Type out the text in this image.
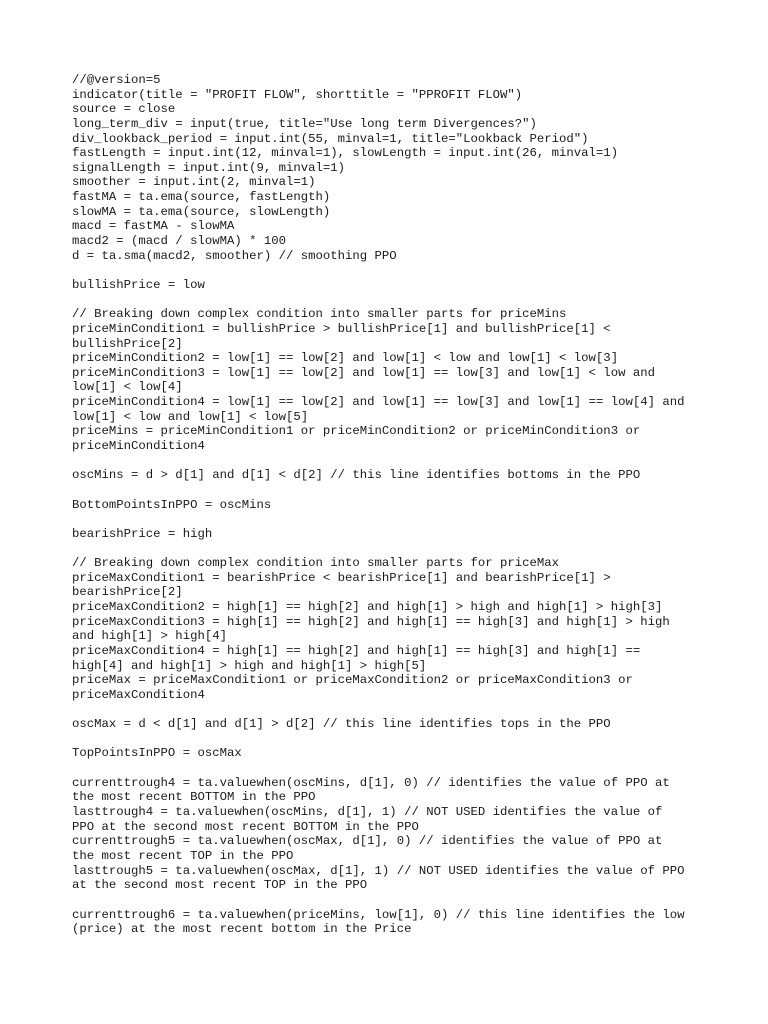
//@version=5
indicator(title = "PROFIT FLOW", shorttitle = "PPROFIT FLOW")
source = close
long_term_div = input(true, title="Use long term Divergences?")
div_lookback_period = input.int(55, minval=1, title="Lookback Period")
fastLength = input.int(12, minval=1), slowLength = input.int(26, minval=1)
signalLength = input.int(9, minval=1)
smoother = input.int(2, minval=1)
fastMA = ta.ema(source, fastLength)
slowMA = ta.ema(source, slowLength)
macd = fastMA - slowMA
macd2 = (macd / slowMA) * 100
d = ta.sma(macd2, smoother) // smoothing PPO

bullishPrice = low

// Breaking down complex condition into smaller parts for priceMins
priceMinCondition1 = bullishPrice > bullishPrice[1] and bullishPrice[1] <
bullishPrice[2]
priceMinCondition2 = low[1] == low[2] and low[1] < low and low[1] < low[3]
priceMinCondition3 = low[1] == low[2] and low[1] == low[3] and low[1] < low and
low[1] < low[4]
priceMinCondition4 = low[1] == low[2] and low[1] == low[3] and low[1] == low[4] and
low[1] < low and low[1] < low[5]
priceMins = priceMinCondition1 or priceMinCondition2 or priceMinCondition3 or
priceMinCondition4

oscMins = d > d[1] and d[1] < d[2] // this line identifies bottoms in the PPO

BottomPointsInPPO = oscMins

bearishPrice = high

// Breaking down complex condition into smaller parts for priceMax
priceMaxCondition1 = bearishPrice < bearishPrice[1] and bearishPrice[1] >
bearishPrice[2]
priceMaxCondition2 = high[1] == high[2] and high[1] > high and high[1] > high[3]
priceMaxCondition3 = high[1] == high[2] and high[1] == high[3] and high[1] > high
and high[1] > high[4]
priceMaxCondition4 = high[1] == high[2] and high[1] == high[3] and high[1] ==
high[4] and high[1] > high and high[1] > high[5]
priceMax = priceMaxCondition1 or priceMaxCondition2 or priceMaxCondition3 or
priceMaxCondition4

oscMax = d < d[1] and d[1] > d[2] // this line identifies tops in the PPO

TopPointsInPPO = oscMax

currenttrough4 = ta.valuewhen(oscMins, d[1], 0) // identifies the value of PPO at
the most recent BOTTOM in the PPO
lasttrough4 = ta.valuewhen(oscMins, d[1], 1) // NOT USED identifies the value of
PPO at the second most recent BOTTOM in the PPO
currenttrough5 = ta.valuewhen(oscMax, d[1], 0) // identifies the value of PPO at
the most recent TOP in the PPO
lasttrough5 = ta.valuewhen(oscMax, d[1], 1) // NOT USED identifies the value of PPO
at the second most recent TOP in the PPO

currenttrough6 = ta.valuewhen(priceMins, low[1], 0) // this line identifies the low
(price) at the most recent bottom in the Price
